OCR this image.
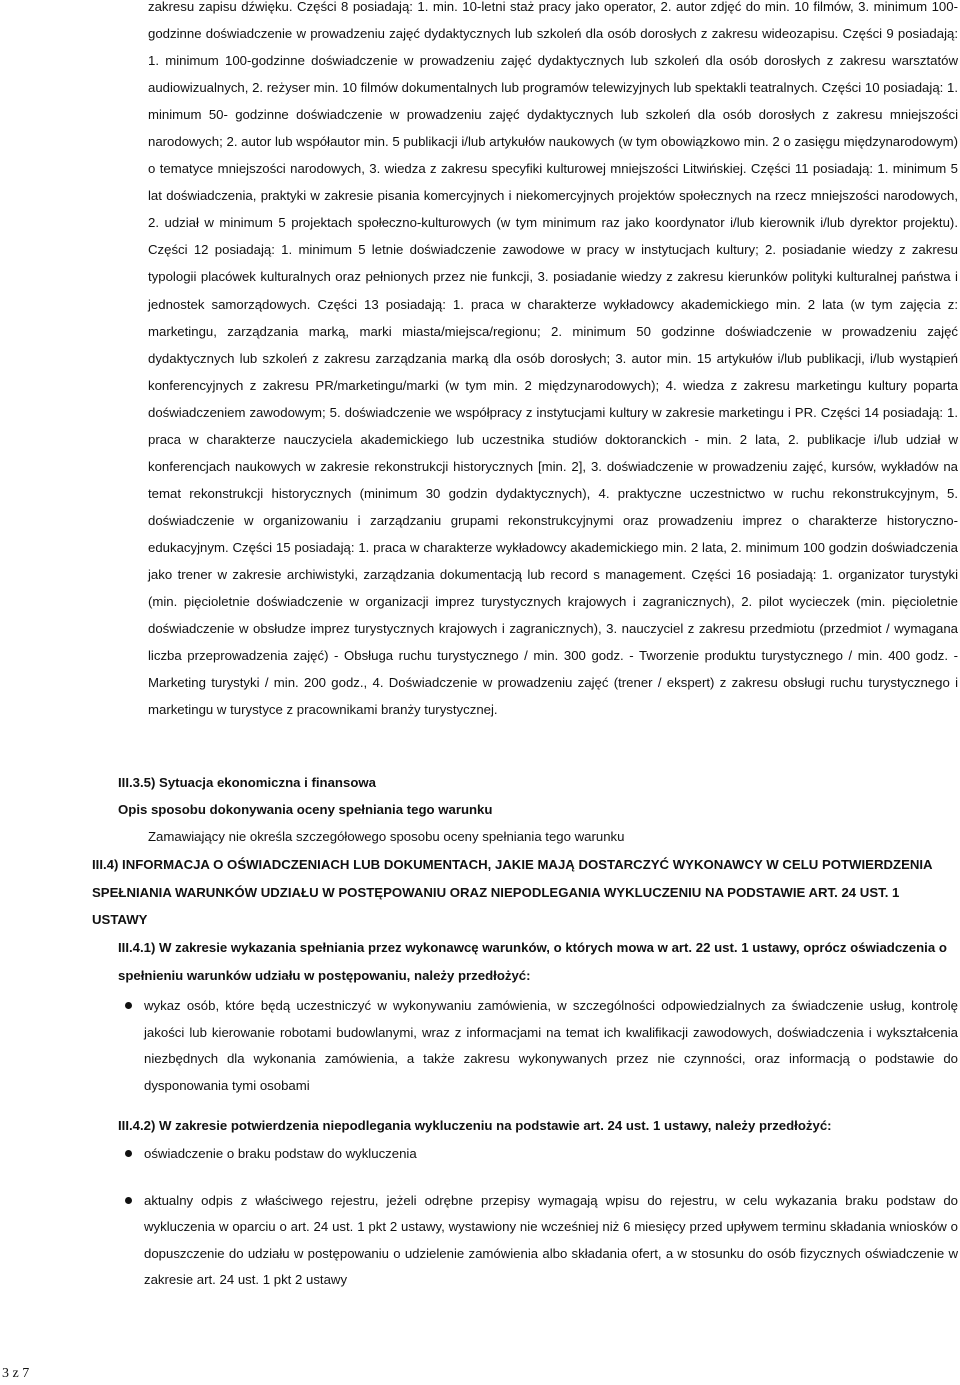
zakresu zapisu dźwięku. Części 8 posiadają: 1. min. 10-letni staż pracy jako operator, 2. autor zdjęć do min. 10 filmów, 3. minimum 100-godzinne doświadczenie w prowadzeniu zajęć dydaktycznych lub szkoleń dla osób dorosłych z zakresu wideozapisu. Części 9 posiadają: 1. minimum 100-godzinne doświadczenie w prowadzeniu zajęć dydaktycznych lub szkoleń dla osób dorosłych z zakresu warsztatów audiowizualnych, 2. reżyser min. 10 filmów dokumentalnych lub programów telewizyjnych lub spektakli teatralnych. Części 10 posiadają: 1. minimum 50- godzinne doświadczenie w prowadzeniu zajęć dydaktycznych lub szkoleń dla osób dorosłych z zakresu mniejszości narodowych; 2. autor lub współautor min. 5 publikacji i/lub artykułów naukowych (w tym obowiązkowo min. 2 o zasięgu międzynarodowym) o tematyce mniejszości narodowych, 3. wiedza z zakresu specyfiki kulturowej mniejszości Litwińskiej. Części 11 posiadają: 1. minimum 5 lat doświadczenia, praktyki w zakresie pisania komercyjnych i niekomercyjnych projektów społecznych na rzecz mniejszości narodowych, 2. udział w minimum 5 projektach społeczno-kulturowych (w tym minimum raz jako koordynator i/lub kierownik i/lub dyrektor projektu). Części 12 posiadają: 1. minimum 5 letnie doświadczenie zawodowe w pracy w instytucjach kultury; 2. posiadanie wiedzy z zakresu typologii placówek kulturalnych oraz pełnionych przez nie funkcji, 3. posiadanie wiedzy z zakresu kierunków polityki kulturalnej państwa i jednostek samorządowych. Części 13 posiadają: 1. praca w charakterze wykładowcy akademickiego min. 2 lata (w tym zajęcia z: marketingu, zarządzania marką, marki miasta/miejsca/regionu; 2. minimum 50 godzinne doświadczenie w prowadzeniu zajęć dydaktycznych lub szkoleń z zakresu zarządzania marką dla osób dorosłych; 3. autor min. 15 artykułów i/lub publikacji, i/lub wystąpień konferencyjnych z zakresu PR/marketingu/marki (w tym min. 2 międzynarodowych); 4. wiedza z zakresu marketingu kultury poparta doświadczeniem zawodowym; 5. doświadczenie we współpracy z instytucjami kultury w zakresie marketingu i PR. Części 14 posiadają: 1. praca w charakterze nauczyciela akademickiego lub uczestnika studiów doktoranckich - min. 2 lata, 2. publikacje i/lub udział w konferencjach naukowych w zakresie rekonstrukcji historycznych [min. 2], 3. doświadczenie w prowadzeniu zajęć, kursów, wykładów na temat rekonstrukcji historycznych (minimum 30 godzin dydaktycznych), 4. praktyczne uczestnictwo w ruchu rekonstrukcyjnym, 5. doświadczenie w organizowaniu i zarządzaniu grupami rekonstrukcyjnymi oraz prowadzeniu imprez o charakterze historyczno-edukacyjnym. Części 15 posiadają: 1. praca w charakterze wykładowcy akademickiego min. 2 lata, 2. minimum 100 godzin doświadczenia jako trener w zakresie archiwistyki, zarządzania dokumentacją lub record s management. Części 16 posiadają: 1. organizator turystyki (min. pięcioletnie doświadczenie w organizacji imprez turystycznych krajowych i zagranicznych), 2. pilot wycieczek (min. pięcioletnie doświadczenie w obsłudze imprez turystycznych krajowych i zagranicznych), 3. nauczyciel z zakresu przedmiotu (przedmiot / wymagana liczba przeprowadzenia zajęć) - Obsługa ruchu turystycznego / min. 300 godz. - Tworzenie produktu turystycznego / min. 400 godz. - Marketing turystyki / min. 200 godz., 4. Doświadczenie w prowadzeniu zajęć (trener / ekspert) z zakresu obsługi ruchu turystycznego i marketingu w turystyce z pracownikami branży turystycznej.

III.3.5) Sytuacja ekonomiczna i finansowa

Opis sposobu dokonywania oceny spełniania tego warunku

Zamawiający nie określa szczegółowego sposobu oceny spełniania tego warunku

III.4) INFORMACJA O OŚWIADCZENIACH LUB DOKUMENTACH, JAKIE MAJĄ DOSTARCZYĆ WYKONAWCY W CELU POTWIERDZENIA SPEŁNIANIA WARUNKÓW UDZIAŁU W POSTĘPOWANIU ORAZ NIEPODLEGANIA WYKLUCZENIU NA PODSTAWIE ART. 24 UST. 1 USTAWY

III.4.1) W zakresie wykazania spełniania przez wykonawcę warunków, o których mowa w art. 22 ust. 1 ustawy, oprócz oświadczenia o spełnieniu warunków udziału w postępowaniu, należy przedłożyć:

wykaz osób, które będą uczestniczyć w wykonywaniu zamówienia, w szczególności odpowiedzialnych za świadczenie usług, kontrolę jakości lub kierowanie robotami budowlanymi, wraz z informacjami na temat ich kwalifikacji zawodowych, doświadczenia i wykształcenia niezbędnych dla wykonania zamówienia, a także zakresu wykonywanych przez nie czynności, oraz informacją o podstawie do dysponowania tymi osobami

III.4.2) W zakresie potwierdzenia niepodlegania wykluczeniu na podstawie art. 24 ust. 1 ustawy, należy przedłożyć:

oświadczenie o braku podstaw do wykluczenia
aktualny odpis z właściwego rejestru, jeżeli odrębne przepisy wymagają wpisu do rejestru, w celu wykazania braku podstaw do wykluczenia w oparciu o art. 24 ust. 1 pkt 2 ustawy, wystawiony nie wcześniej niż 6 miesięcy przed upływem terminu składania wniosków o dopuszczenie do udziału w postępowaniu o udzielenie zamówienia albo składania ofert, a w stosunku do osób fizycznych oświadczenie w zakresie art. 24 ust. 1 pkt 2 ustawy
3 z 7
